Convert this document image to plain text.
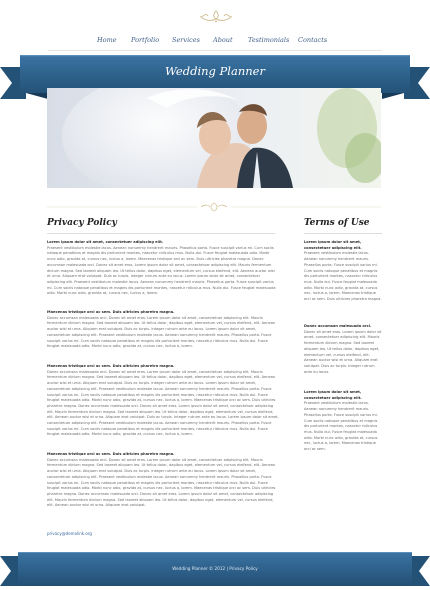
Home Portfolio Services About Testimonials Contacts
Wedding Planner
Privacy Policy
Lorem ipsum dolor sit amet, consectetuer adipiscing elit.
Praesent vestibulum molestie lacus. Aenean nonummy hendrerit mauris. Phasellus porta. Fusce suscipit varius mi. Cum sociis natoque penatibus et magnis dis parturient montes, nascetur ridiculus mus. Nulla dui. Fusce feugiat malesuada odio. Morbi nunc odio, gravida at, cursus nec, luctus a, lorem. Maecenas tristique orci ac sem. Duis ultricies pharetra magna. Donec accumsan malesuada orci. Donec sit amet eros. Lorem ipsum dolor sit amet, consectetuer adipiscing elit. Mauris fermentum dictum magna. Sed laoreet aliquam leo. Ut tellus dolor, dapibus eget, elementum vel, cursus eleifend, elit. Aenean auctor wisi et urna. Aliquam erat volutpat. Duis ac turpis. Integer rutrum ante eu lacus. Lorem ipsum dolor sit amet, consectetuer adipiscing elit. Praesent vestibulum molestie lacus. Aenean nonummy hendrerit mauris. Phasellus porta. Fusce suscipit varius mi. Cum sociis natoque penatibus et magnis dis parturient montes, nascetur ridiculus mus. Nulla dui. Fusce feugiat malesuada odio. Morbi nunc odio, gravida at, cursus nec, luctus a, lorem.
Maecenas tristique orci ac sem. Duis ultricies pharetra magna.
Donec accumsan malesuada orci. Donec sit amet eros. Lorem ipsum dolor sit amet, consectetuer adipiscing elit. Mauris fermentum dictum magna. Sed laoreet aliquam leo. Ut tellus dolor, dapibus eget, elementum vel, cursus eleifend, elit. Aenean auctor wisi et urna. Aliquam erat volutpat. Duis ac turpis. Integer rutrum ante eu lacus. Lorem ipsum dolor sit amet, consectetuer adipiscing elit. Praesent vestibulum molestie lacus. Aenean nonummy hendrerit mauris. Phasellus porta. Fusce suscipit varius mi. Cum sociis natoque penatibus et magnis dis parturient montes, nascetur ridiculus mus. Nulla dui. Fusce feugiat malesuada odio. Morbi nunc odio, gravida at, cursus nec, luctus a, lorem.
Maecenas tristique orci ac sem. Duis ultricies pharetra magna.
Donec accumsan malesuada orci. Donec sit amet eros. Lorem ipsum dolor sit amet, consectetuer adipiscing elit. Mauris fermentum dictum magna. Sed laoreet aliquam leo. Ut tellus dolor, dapibus eget, elementum vel, cursus eleifend, elit. Aenean auctor wisi et urna. Aliquam erat volutpat. Duis ac turpis. Integer rutrum ante eu lacus. Lorem ipsum dolor sit amet, consectetuer adipiscing elit. Praesent vestibulum molestie lacus. Aenean nonummy hendrerit mauris. Phasellus porta. Fusce suscipit varius mi. Cum sociis natoque penatibus et magnis dis parturient montes, nascetur ridiculus mus. Nulla dui. Fusce feugiat malesuada odio. Morbi nunc odio, gravida at, cursus nec, luctus a, lorem. Maecenas tristique orci ac sem. Duis ultricies pharetra magna. Donec accumsan malesuada orci. Donec sit amet eros. Lorem ipsum dolor sit amet, consectetuer adipiscing elit. Mauris fermentum dictum magna. Sed laoreet aliquam leo. Ut tellus dolor, dapibus eget, elementum vel, cursus eleifend, elit. Aenean auctor wisi et urna. Aliquam erat volutpat. Duis ac turpis. Integer rutrum ante eu lacus. Lorem ipsum dolor sit amet, consectetuer adipiscing elit. Praesent vestibulum molestie lacus. Aenean nonummy hendrerit mauris. Phasellus porta. Fusce suscipit varius mi. Cum sociis natoque penatibus et magnis dis parturient montes, nascetur ridiculus mus. Nulla dui. Fusce feugiat malesuada odio. Morbi nunc odio, gravida at, cursus nec, luctus a, lorem.
Maecenas tristique orci ac sem. Duis ultricies pharetra magna.
Donec accumsan malesuada orci. Donec sit amet eros. Lorem ipsum dolor sit amet, consectetuer adipiscing elit. Mauris fermentum dictum magna. Sed laoreet aliquam leo. Ut tellus dolor, dapibus eget, elementum vel, cursus eleifend, elit. Aenean auctor wisi et urna. Aliquam erat volutpat. Duis ac turpis. Integer rutrum ante eu lacus. Lorem ipsum dolor sit amet, consectetuer adipiscing elit. Praesent vestibulum molestie lacus. Aenean nonummy hendrerit mauris. Phasellus porta. Fusce suscipit varius mi. Cum sociis natoque penatibus et magnis dis parturient montes, nascetur ridiculus mus. Nulla dui. Fusce feugiat malesuada odio. Morbi nunc odio, gravida at, cursus nec, luctus a, lorem. Maecenas tristique orci ac sem. Duis ultricies pharetra magna. Donec accumsan malesuada orci. Donec sit amet eros. Lorem ipsum dolor sit amet, consectetuer adipiscing elit. Mauris fermentum dictum magna. Sed laoreet aliquam leo. Ut tellus dolor, dapibus eget, elementum vel, cursus eleifend, elit. Aenean auctor wisi et urna. Aliquam erat volutpat.
privacy@demolink.org
Terms of Use
Lorem ipsum dolor sit amet, consectetuer adipiscing elit.
Praesent vestibulum molestie lacus. Aenean nonummy hendrerit mauris. Phasellus porta. Fusce suscipit varius mi. Cum sociis natoque penatibus et magnis dis parturient montes, nascetur ridiculus mus. Nulla dui. Fusce feugiat malesuada odio. Morbi nunc odio, gravida at, cursus nec, luctus a, lorem. Maecenas tristique orci ac sem. Duis ultricies pharetra magna.
Donec accumsan malesuada orci.
Donec sit amet eros. Lorem ipsum dolor sit amet, consectetuer adipiscing elit. Mauris fermentum dictum magna. Sed laoreet aliquam leo. Ut tellus dolor, dapibus eget, elementum vel, cursus eleifend, elit. Aenean auctor wisi et urna. Aliquam erat volutpat. Duis ac turpis. Integer rutrum ante eu lacus.
Lorem ipsum dolor sit amet, consectetuer adipiscing elit.
Praesent vestibulum molestie lacus. Aenean nonummy hendrerit mauris. Phasellus porta. Fusce suscipit varius mi. Cum sociis natoque penatibus et magnis dis parturient montes, nascetur ridiculus mus. Nulla dui. Fusce feugiat malesuada odio. Morbi nunc odio, gravida at, cursus nec, luctus a, lorem. Maecenas tristique orci ac sem.
Wedding Planner © 2012 | Privacy Policy
